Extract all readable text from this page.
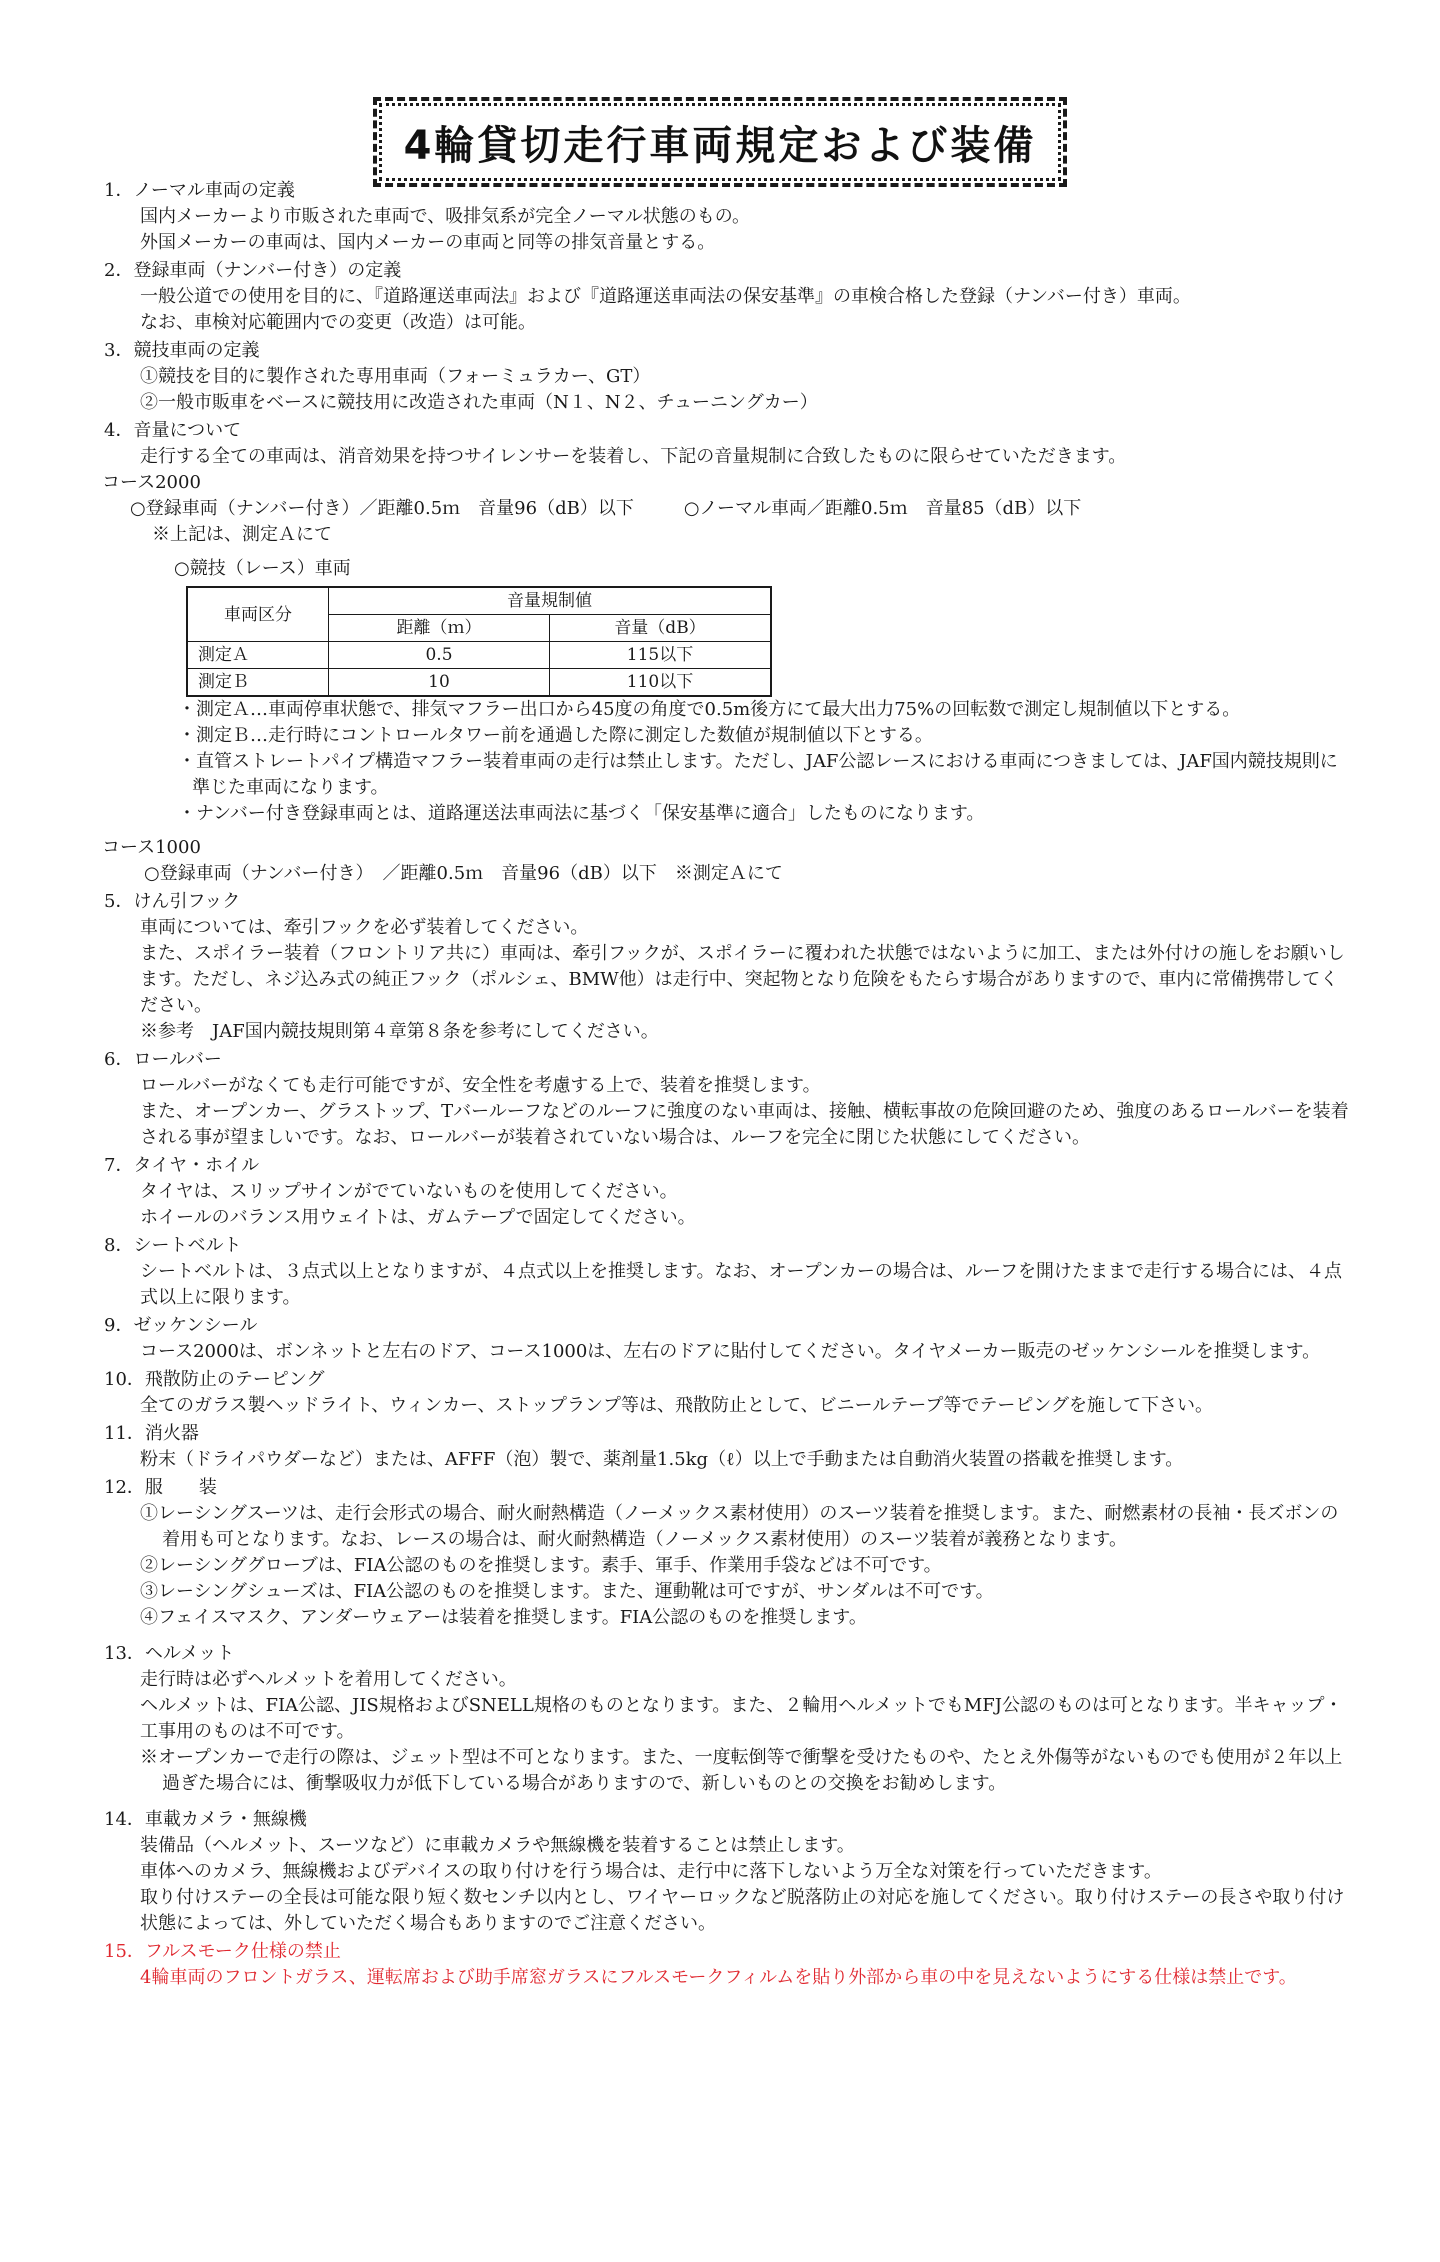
4輪貸切走行車両規定および装備
1．ノーマル車両の定義
国内メーカーより市販された車両で、吸排気系が完全ノーマル状態のもの。
外国メーカーの車両は、国内メーカーの車両と同等の排気音量とする。
2．登録車両（ナンバー付き）の定義
一般公道での使用を目的に、『道路運送車両法』および『道路運送車両法の保安基準』の車検合格した登録（ナンバー付き）車両。
なお、車検対応範囲内での変更（改造）は可能。
3．競技車両の定義
①競技を目的に製作された専用車両（フォーミュラカー、GT）
②一般市販車をベースに競技用に改造された車両（N１、N２、チューニングカー）
4．音量について
走行する全ての車両は、消音効果を持つサイレンサーを装着し、下記の音量規制に合致したものに限らせていただきます。
コース2000
○登録車両（ナンバー付き）／距離0.5ｍ　音量96（dB）以下	○ノーマル車両／距離0.5ｍ　音量85（dB）以下
※上記は、測定Ａにて
○競技（レース）車両
車両区分	音量規制値	
	距離（ｍ）	音量（dB）
測定Ａ	0.5	115以下
測定Ｂ	10	110以下
・測定Ａ…車両停車状態で、排気マフラー出口から45度の角度で0.5m後方にて最大出力75%の回転数で測定し規制値以下とする。
・測定Ｂ…走行時にコントロールタワー前を通過した際に測定した数値が規制値以下とする。
・直管ストレートパイプ構造マフラー装着車両の走行は禁止します。ただし、JAF公認レースにおける車両につきましては、JAF国内競技規則に準じた車両になります。
・ナンバー付き登録車両とは、道路運送法車両法に基づく「保安基準に適合」したものになります。
コース1000
○登録車両（ナンバー付き）　／距離0.5ｍ　音量96（dB）以下　※測定Ａにて
5．けん引フック
車両については、牽引フックを必ず装着してください。
また、スポイラー装着（フロントリア共に）車両は、牽引フックが、スポイラーに覆われた状態ではないように加工、または外付けの施しをお願いします。ただし、ネジ込み式の純正フック（ポルシェ、BMW他）は走行中、突起物となり危険をもたらす場合がありますので、車内に常備携帯してください。
※参考　JAF国内競技規則第４章第８条を参考にしてください。
6．ロールバー
ロールバーがなくても走行可能ですが、安全性を考慮する上で、装着を推奨します。
また、オープンカー、グラストップ、Tバールーフなどのルーフに強度のない車両は、接触、横転事故の危険回避のため、強度のあるロールバーを装着される事が望ましいです。なお、ロールバーが装着されていない場合は、ルーフを完全に閉じた状態にしてください。
7．タイヤ・ホイル
タイヤは、スリップサインがでていないものを使用してください。
ホイールのバランス用ウェイトは、ガムテープで固定してください。
8．シートベルト
シートベルトは、３点式以上となりますが、４点式以上を推奨します。なお、オープンカーの場合は、ルーフを開けたままで走行する場合には、４点式以上に限ります。
9．ゼッケンシール
コース2000は、ボンネットと左右のドア、コース1000は、左右のドアに貼付してください。タイヤメーカー販売のゼッケンシールを推奨します。
10．飛散防止のテーピング
全てのガラス製ヘッドライト、ウィンカー、ストップランプ等は、飛散防止として、ビニールテープ等でテーピングを施して下さい。
11．消火器
粉末（ドライパウダーなど）または、AFFF（泡）製で、薬剤量1.5kg（ℓ）以上で手動または自動消火装置の搭載を推奨します。
12．服　　装
①レーシングスーツは、走行会形式の場合、耐火耐熱構造（ノーメックス素材使用）のスーツ装着を推奨します。また、耐燃素材の長袖・長ズボンの着用も可となります。なお、レースの場合は、耐火耐熱構造（ノーメックス素材使用）のスーツ装着が義務となります。
②レーシンググローブは、FIA公認のものを推奨します。素手、軍手、作業用手袋などは不可です。
③レーシングシューズは、FIA公認のものを推奨します。また、運動靴は可ですが、サンダルは不可です。
④フェイスマスク、アンダーウェアーは装着を推奨します。FIA公認のものを推奨します。
13．ヘルメット
走行時は必ずヘルメットを着用してください。
ヘルメットは、FIA公認、JIS規格およびSNELL規格のものとなります。また、２輪用ヘルメットでもMFJ公認のものは可となります。半キャップ・工事用のものは不可です。
※オープンカーで走行の際は、ジェット型は不可となります。また、一度転倒等で衝撃を受けたものや、たとえ外傷等がないものでも使用が２年以上過ぎた場合には、衝撃吸収力が低下している場合がありますので、新しいものとの交換をお勧めします。
14．車載カメラ・無線機
装備品（ヘルメット、スーツなど）に車載カメラや無線機を装着することは禁止します。
車体へのカメラ、無線機およびデバイスの取り付けを行う場合は、走行中に落下しないよう万全な対策を行っていただきます。
取り付けステーの全長は可能な限り短く数センチ以内とし、ワイヤーロックなど脱落防止の対応を施してください。取り付けステーの長さや取り付け状態によっては、外していただく場合もありますのでご注意ください。
15．フルスモーク仕様の禁止
4輪車両のフロントガラス、運転席および助手席窓ガラスにフルスモークフィルムを貼り外部から車の中を見えないようにする仕様は禁止です。
